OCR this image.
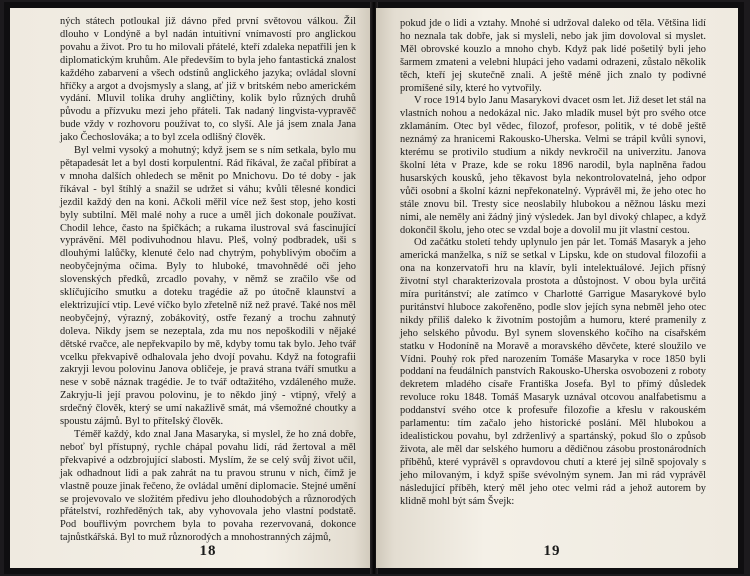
ných státech potloukal již dávno před první světovou válkou. Žil dlouho v Londýně a byl nadán intuitivní vnímavostí pro anglickou povahu a život. Pro tu ho milovali přátelé, kteří zdaleka nepatřili jen k diplomatickým kruhům. Ale především to byla jeho fantastická znalost každého zabarvení a všech odstínů anglického jazyka; ovládal slovní hříčky a argot a dvojsmysly a slang, ať již v britském nebo americkém vydání. Mluvil tolika druhy angličtiny, kolik bylo různých druhů původu a přízvuku mezi jeho přáteli. Tak nadaný lingvista-vypravěč bude vždy v rozhovoru používat to, co slyší. Ale já jsem znala Janа jako Čechoslováka; a to byl zcela odlišný člověk.

Byl velmi vysoký a mohutný; když jsem se s ním setkala, bylo mu pětapadesát let a byl dosti korpulentní. Rád říkával, že začal přibírat a v mnohа dalších ohledech se měnit po Mnichovu. Do té doby - jak říkával - byl štíhlý a snažil se udržet si váhu; kvůli tělesné kondici jezdil každý den na koni. Ačkoli měřil více než šest stop, jeho kosti byly subtilní. Měl malé nohy a ruce a uměl jich dokonale používat. Chodil lehce, často na špičkách; a rukama ilustroval svá fascinující vyprávění. Měl podivuhodnou hlavu. Pleš, volný podbradek, uši s dlouhými lalůčky, klenuté čelo nad chytrým, pohyblivým obočím a neobyčejnýma očima. Byly to hluboké, tmavohnědé oči jeho slovenských předků, zrcadlo povahy, v němž se zračilo vše od sklíčujícího smutku a doteku tragédie až po útočně klaunství a elektrizující vtip. Levé víčko bylo zřetelně níž než pravé. Také nos měl neobyčejný, výrazný, zobákovitý, ostře řezaný a trochu zahnutý doleva. Nikdy jsem se nezeptala, zda mu nos nepoškodili v nějaké dětské rvačce, ale nepřekvapilo by mě, kdyby tomu tak bylo. Jeho tvář vcelku překvapivě odhalovala jeho dvojí povahu. Když na fotografii zakryji levou polovinu Janova obličeje, je pravá strana tváří smutku a nese v sobě náznak tragédie. Je to tvář odtažitého, vzdáleného muže. Zakryju-li její pravou polovinu, je to někdo jiný - vtipný, vřelý a srdečný člověk, který se umí nakažlivě smát, má všemožné choutky a spoustu zájmů. Byl to příteIský člověk.

Téměř každý, kdo znal Jana Masaryka, si myslel, že ho zná dobře, neboť byl přístupný, rychle chápal povahu lidí, rád žertoval a měl překvapivé a odzbrojující slabosti. Myslím, že se celý svůj život učil, jak odhadnout lidi a pak zahrát na tu pravou strunu v nich, čímž je vlastně pouze jinak řečeno, že ovládal umění diplomacie. Stejné umění se projevovalo ve složitém předivu jeho dlouhodobých a různorodých přátelství, rozhředěných tak, aby vyhovovala jeho vlastní podstatě. Pod bouřlivým povrchem byla to povaha rezervovaná, dokonce tajnůstkářská. Byl to muž různorodých a mnohostranných zájmů,

18

pokud jde o lidi a vztahy. Mnohé si udržoval daleko od těla. Většina lidí ho neznala tak dobře, jak si mysleli, nebo jak jim dovoloval si myslet. Měl obrovské kouzlo a mnoho chyb. Když pak lidé pošetilý byli jeho šarmem zmateni a velebni hlupáci jeho vadami odrazeni, zůstalo několik těch, kteří jej skutečně znali. A ještě méně jich znalo ty podivné promíšené síly, které ho vytvořily.

V roce 1914 bylo Janu Masarykovi dvacet osm let. Již deset let stál na vlastních nohou a nedokázal nic. Jako mladík musel být pro svého otce zklamáním. Otec byl vědec, filozof, profesor, politik, v té době ještě neznámý za hranicemi Rakousko-Uherska. Velmi se trápil kvůli synovi, kterému se protivilo studium a nikdy nevkročil na univerzitu. Janova školní léta v Praze, kde se roku 1896 narodil, byla naplněna řadou husarských kousků, jeho těkavost byla nekontrolovatelná, jeho odpor vůči osobní a školní kázni nepřekonatelný. Vyprávěl mi, že jeho otec ho stále znovu bil. Tresty sice neoslabily hlubokou a něžnou lásku mezi nimi, ale neměly ani žádný jiný výsledek. Jan byl divoký chlapec, a když dokončil školu, jeho otec se vzdal boje a dovolil mu jít vlastní cestou.

Od začátku století tehdy uplynulo jen pár let. Tomáš Masaryk a jeho americká manželka, s níž se setkal v Lipsku, kde on studoval filozofii a ona na konzervatoři hru na klavír, byli intelektuálové. Jejich přísný životní styl charakterizovala prostota a důstojnost. V obou byla určitá míra puritánství; ale zatímco v Charlotté Garrigue Masarykové bylo puritánství hluboce zakořeněno, podle slov jejích syna nebměl jeho otec nikdy příliš daleko k životním postojům a humoru, které pramenily z jeho selského původu. Byl synem slovenského kočího na císařském statku v Hodoníně na Moravě a moravského děvčete, které sloužilo ve Vídni. Pouhý rok před narozením Tomáše Masaryka v roce 1850 byli poddaní na feudálních panstvích Rakousko-Uherska osvobozeni z roboty dekretem mladého císaře Františka Josefa. Byl to přímý důsledek revoluce roku 1848. Tomáš Masaryk uznával otcovou analfabetismu a poddanství svého otce k profesuře filozofie a křeslu v rakouském parlamentu: tím začalo jeho historické poslání. Měl hlubokou a idealistickou povahu, byl zdrženlivý a spartánský, pokud šlo o způsob života, ale měl dar selského humoru a dědičnou zásobu prostonárodních příběhů, které vyprávěl s opravdovou chutí a které jej silně spojovaly s jeho milovaným, i když spíše svévolným synem. Jan mi rád vyprávěl následující příběh, který měl jeho otec velmi rád a jehož autorem by klidně mohl být sám Švejk:

19
